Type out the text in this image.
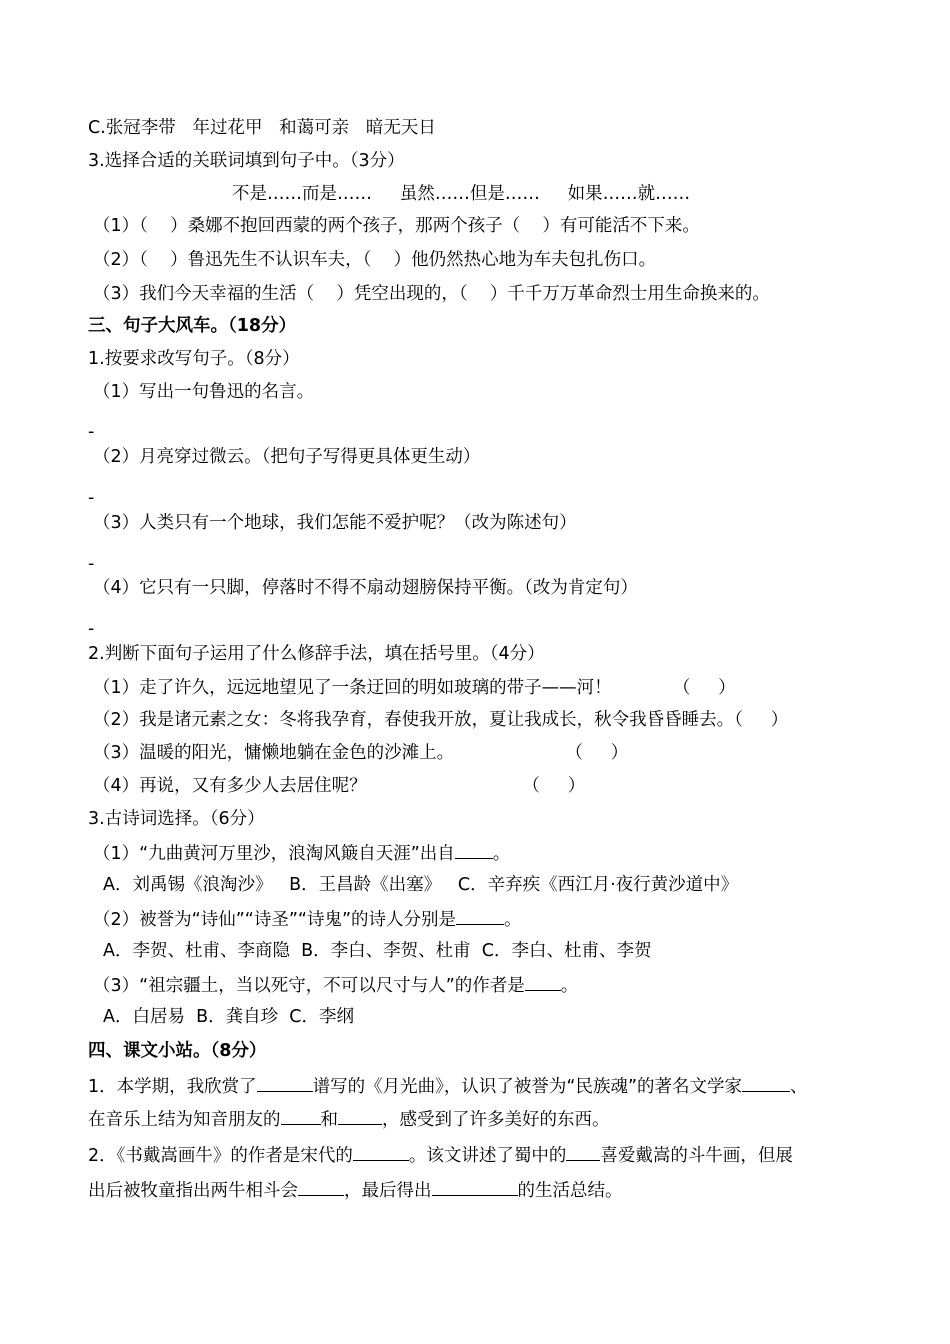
C.张冠李带   年过花甲   和蔼可亲   暗无天日
3.选择合适的关联词填到句子中。（3分）
不是……而是……     虽然……但是……     如果……就……
（1）（    ）桑娜不抱回西蒙的两个孩子，那两个孩子（    ）有可能活不下来。
（2）（    ）鲁迅先生不认识车夫，（    ）他仍然热心地为车夫包扎伤口。
（3）我们今天幸福的生活（    ）凭空出现的，（    ）千千万万革命烈士用生命换来的。
三、句子大风车。（18分）
1.按要求改写句子。（8分）
（1）写出一句鲁迅的名言。
-
（2）月亮穿过微云。（把句子写得更具体更生动）
-
（3）人类只有一个地球，我们怎能不爱护呢？（改为陈述句）
-
（4）它只有一只脚，停落时不得不扇动翅膀保持平衡。（改为肯定句）
-
2.判断下面句子运用了什么修辞手法，填在括号里。（4分）
（1）走了许久，远远地望见了一条迂回的明如玻璃的带子——河！           （     ）
（2）我是诸元素之女：冬将我孕育，春使我开放，夏让我成长，秋令我昏昏睡去。（     ）
（3）温暖的阳光，慵懒地躺在金色的沙滩上。                    （     ）
（4）再说，又有多少人去居住呢？                            （     ）
3.古诗词选择。（6分）
（1）“九曲黄河万里沙，浪淘风簸自天涯”出自 。
A．刘禹锡《浪淘沙》   B．王昌龄《出塞》   C．辛弃疾《西江月·夜行黄沙道中》
（2）被誉为“诗仙”“诗圣”“诗鬼”的诗人分别是	。
A．李贺、杜甫、李商隐  B．李白、李贺、杜甫  C．李白、杜甫、李贺
（3）“祖宗疆土，当以死守，不可以尺寸与人”的作者是 。
A．白居易  B．龚自珍  C．李纲
四、课文小站。（8分）
1．本学期，我欣赏了	谱写的《月光曲》，认识了被誉为“民族魂”的著名文学家	、
在音乐上结为知音朋友的 和	，感受到了许多美好的东西。
2．《书戴嵩画牛》的作者是宋代的	。该文讲述了蜀中的 喜爱戴嵩的斗牛画，但展
出后被牧童指出两牛相斗会	，最后得出	的生活总结。
